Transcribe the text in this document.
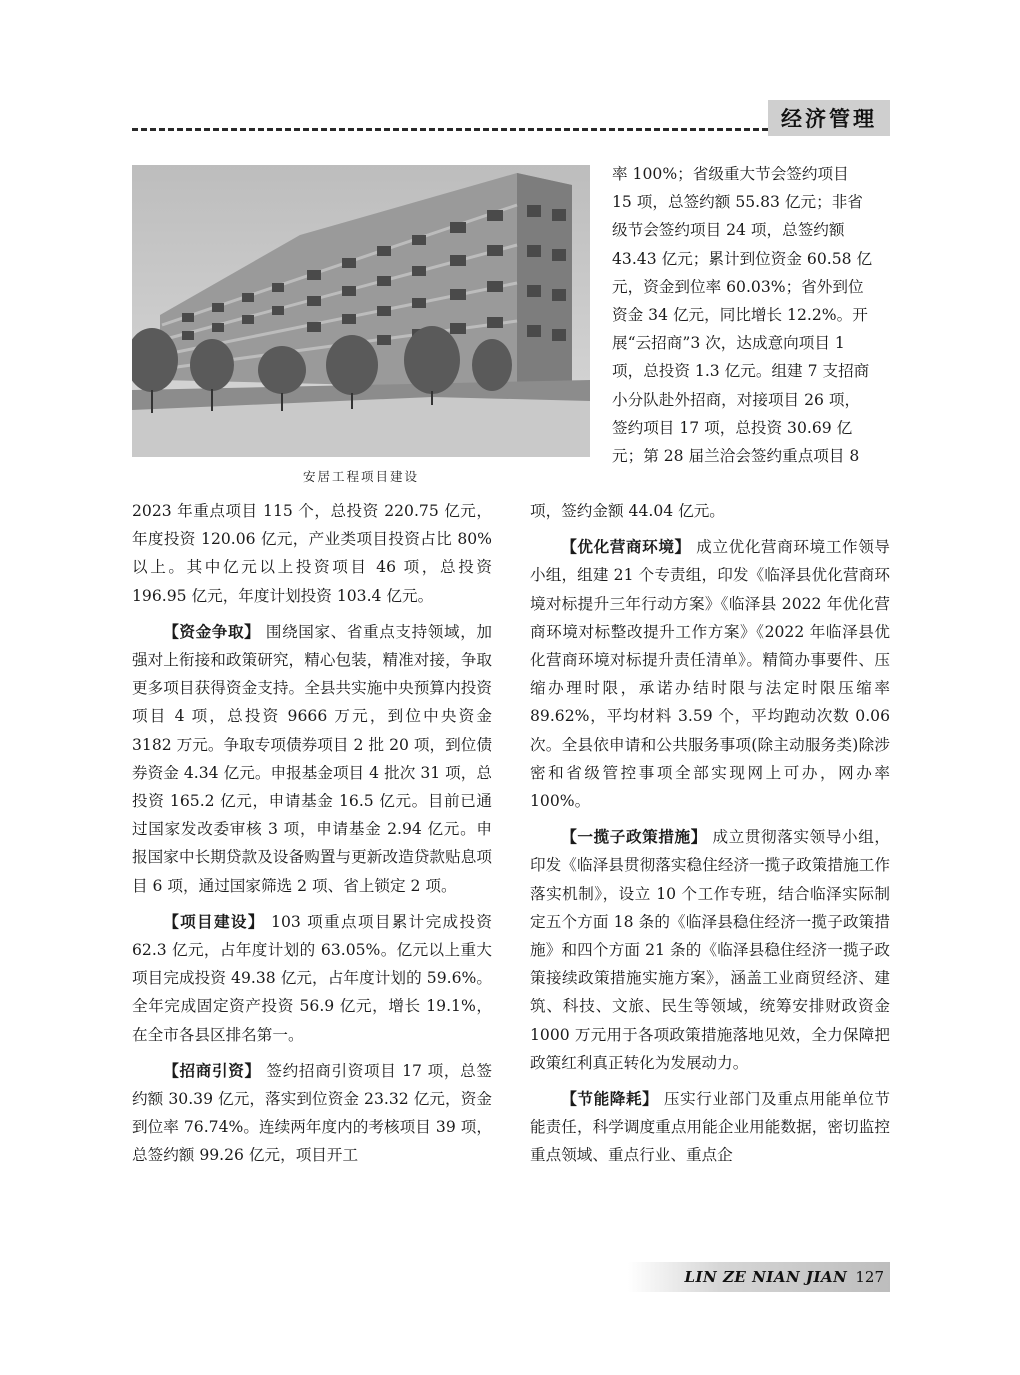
经济管理
安居工程项目建设
率 100%；省级重大节会签约项目
15 项，总签约额 55.83 亿元；非省
级节会签约项目 24 项，总签约额
43.43 亿元；累计到位资金 60.58 亿
元，资金到位率 60.03%；省外到位
资金 34 亿元，同比增长 12.2%。开
展“云招商”3 次，达成意向项目 1
项，总投资 1.3 亿元。组建 7 支招商
小分队赴外招商，对接项目 26 项，
签约项目 17 项，总投资 30.69 亿
元；第 28 届兰洽会签约重点项目 8

2023 年重点项目 115 个，总投资 220.75 亿元，年度投资 120.06 亿元，产业类项目投资占比 80%以上。其中亿元以上投资项目 46 项，总投资 196.95 亿元，年度计划投资 103.4 亿元。

【资金争取】 围绕国家、省重点支持领域，加强对上衔接和政策研究，精心包装，精准对接，争取更多项目获得资金支持。全县共实施中央预算内投资项目 4 项，总投资 9666 万元，到位中央资金 3182 万元。争取专项债券项目 2 批 20 项，到位债券资金 4.34 亿元。申报基金项目 4 批次 31 项，总投资 165.2 亿元，申请基金 16.5 亿元。目前已通过国家发改委审核 3 项，申请基金 2.94 亿元。申报国家中长期贷款及设备购置与更新改造贷款贴息项目 6 项，通过国家筛选 2 项、省上锁定 2 项。

【项目建设】 103 项重点项目累计完成投资 62.3 亿元，占年度计划的 63.05%。亿元以上重大项目完成投资 49.38 亿元，占年度计划的 59.6%。全年完成固定资产投资 56.9 亿元，增长 19.1%，在全市各县区排名第一。

【招商引资】 签约招商引资项目 17 项，总签约额 30.39 亿元，落实到位资金 23.32 亿元，资金到位率 76.74%。连续两年度内的考核项目 39 项，总签约额 99.26 亿元，项目开工

项，签约金额 44.04 亿元。

【优化营商环境】 成立优化营商环境工作领导小组，组建 21 个专责组，印发《临泽县优化营商环境对标提升三年行动方案》《临泽县 2022 年优化营商环境对标整改提升工作方案》《2022 年临泽县优化营商环境对标提升责任清单》。精简办事要件、压缩办理时限，承诺办结时限与法定时限压缩率 89.62%，平均材料 3.59 个，平均跑动次数 0.06 次。全县依申请和公共服务事项(除主动服务类)除涉密和省级管控事项全部实现网上可办，网办率 100%。

【一揽子政策措施】 成立贯彻落实领导小组，印发《临泽县贯彻落实稳住经济一揽子政策措施工作落实机制》，设立 10 个工作专班，结合临泽实际制定五个方面 18 条的《临泽县稳住经济一揽子政策措施》和四个方面 21 条的《临泽县稳住经济一揽子政策接续政策措施实施方案》，涵盖工业商贸经济、建筑、科技、文旅、民生等领域，统筹安排财政资金 1000 万元用于各项政策措施落地见效，全力保障把政策红利真正转化为发展动力。

【节能降耗】 压实行业部门及重点用能单位节能责任，科学调度重点用能企业用能数据，密切监控重点领域、重点行业、重点企

LIN ZE NIAN JIAN 127
